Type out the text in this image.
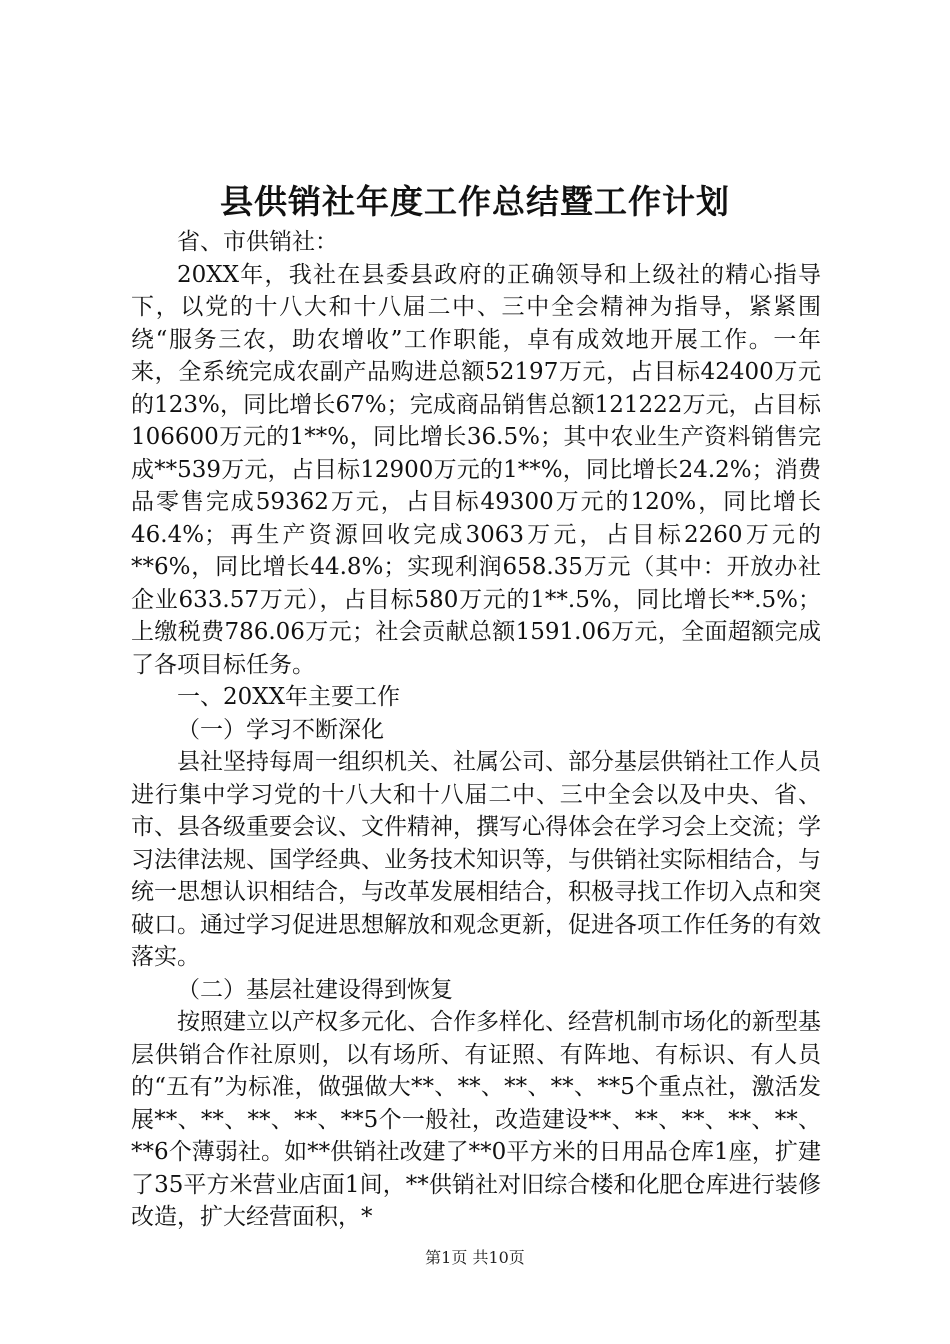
县供销社年度工作总结暨工作计划

省、市供销社：

20XX年，我社在县委县政府的正确领导和上级社的精心指导下，以党的十八大和十八届二中、三中全会精神为指导，紧紧围绕“服务三农，助农增收”工作职能，卓有成效地开展工作。一年来，全系统完成农副产品购进总额52197万元，占目标42400万元的123%，同比增长67%；完成商品销售总额121222万元，占目标106600万元的1**%，同比增长36.5%；其中农业生产资料销售完成**539万元，占目标12900万元的1**%，同比增长24.2%；消费品零售完成59362万元，占目标49300万元的120%，同比增长46.4%；再生产资源回收完成3063万元，占目标2260万元的**6%，同比增长44.8%；实现利润658.35万元（其中：开放办社企业633.57万元），占目标580万元的1**.5%，同比增长**.5%；上缴税费786.06万元；社会贡献总额1591.06万元，全面超额完成了各项目标任务。

一、20XX年主要工作

（一）学习不断深化

县社坚持每周一组织机关、社属公司、部分基层供销社工作人员进行集中学习党的十八大和十八届二中、三中全会以及中央、省、市、县各级重要会议、文件精神，撰写心得体会在学习会上交流；学习法律法规、国学经典、业务技术知识等，与供销社实际相结合，与统一思想认识相结合，与改革发展相结合，积极寻找工作切入点和突破口。通过学习促进思想解放和观念更新，促进各项工作任务的有效落实。

（二）基层社建设得到恢复

按照建立以产权多元化、合作多样化、经营机制市场化的新型基层供销合作社原则，以有场所、有证照、有阵地、有标识、有人员的“五有”为标准，做强做大**、**、**、**、**5个重点社，激活发展**、**、**、**、**5个一般社，改造建设**、**、**、**、**、**6个薄弱社。如**供销社改建了**0平方米的日用品仓库1座，扩建了35平方米营业店面1间，**供销社对旧综合楼和化肥仓库进行装修改造，扩大经营面积，*

第1页 共10页
